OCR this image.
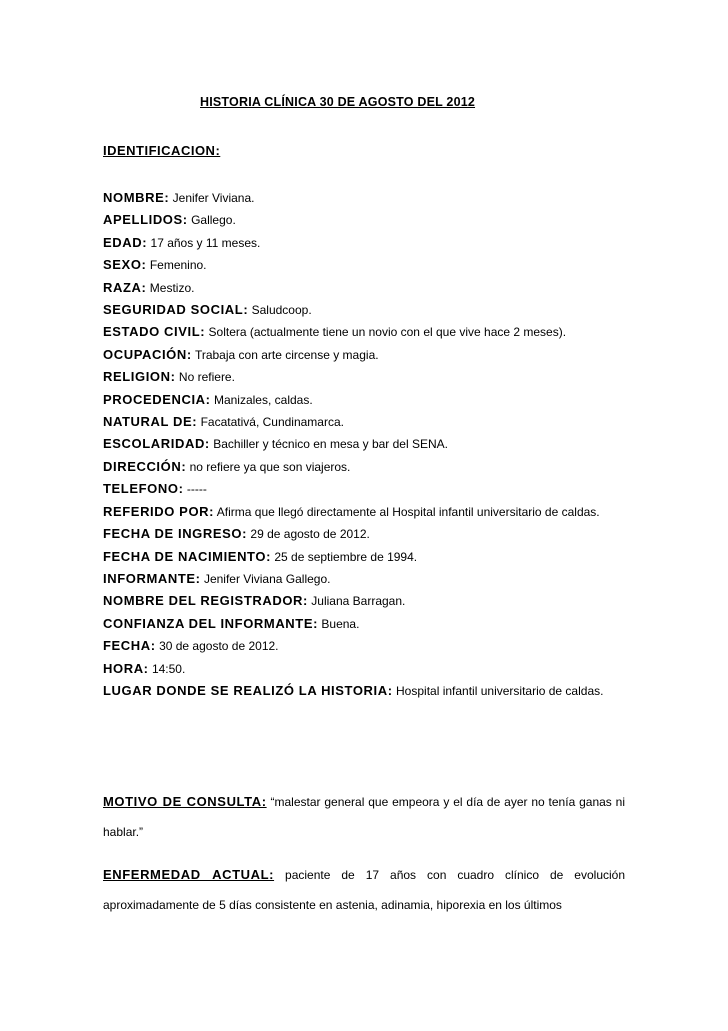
HISTORIA CLÍNICA 30 DE AGOSTO DEL 2012
IDENTIFICACION:
NOMBRE: Jenifer Viviana.
APELLIDOS: Gallego.
EDAD: 17 años y 11 meses.
SEXO: Femenino.
RAZA: Mestizo.
SEGURIDAD SOCIAL: Saludcoop.
ESTADO CIVIL: Soltera (actualmente tiene un novio con el que vive hace 2 meses).
OCUPACIÓN: Trabaja con arte circense y magia.
RELIGION: No refiere.
PROCEDENCIA: Manizales, caldas.
NATURAL DE: Facatativá, Cundinamarca.
ESCOLARIDAD: Bachiller y técnico en mesa y bar del SENA.
DIRECCIÓN: no refiere ya que son viajeros.
TELEFONO: -----
REFERIDO POR: Afirma que llegó directamente al Hospital infantil universitario de caldas.
FECHA DE INGRESO: 29 de agosto de 2012.
FECHA DE NACIMIENTO: 25 de septiembre de 1994.
INFORMANTE: Jenifer Viviana Gallego.
NOMBRE DEL REGISTRADOR: Juliana Barragan.
CONFIANZA DEL INFORMANTE: Buena.
FECHA: 30 de agosto de 2012.
HORA: 14:50.
LUGAR DONDE SE REALIZÓ LA HISTORIA: Hospital infantil universitario de caldas.
MOTIVO DE CONSULTA: “malestar general que empeora y el día de ayer no tenía ganas ni hablar.”
ENFERMEDAD ACTUAL: paciente de 17 años con cuadro clínico de evolución aproximadamente de 5 días consistente en astenia, adinamia, hiporexia en los últimos
